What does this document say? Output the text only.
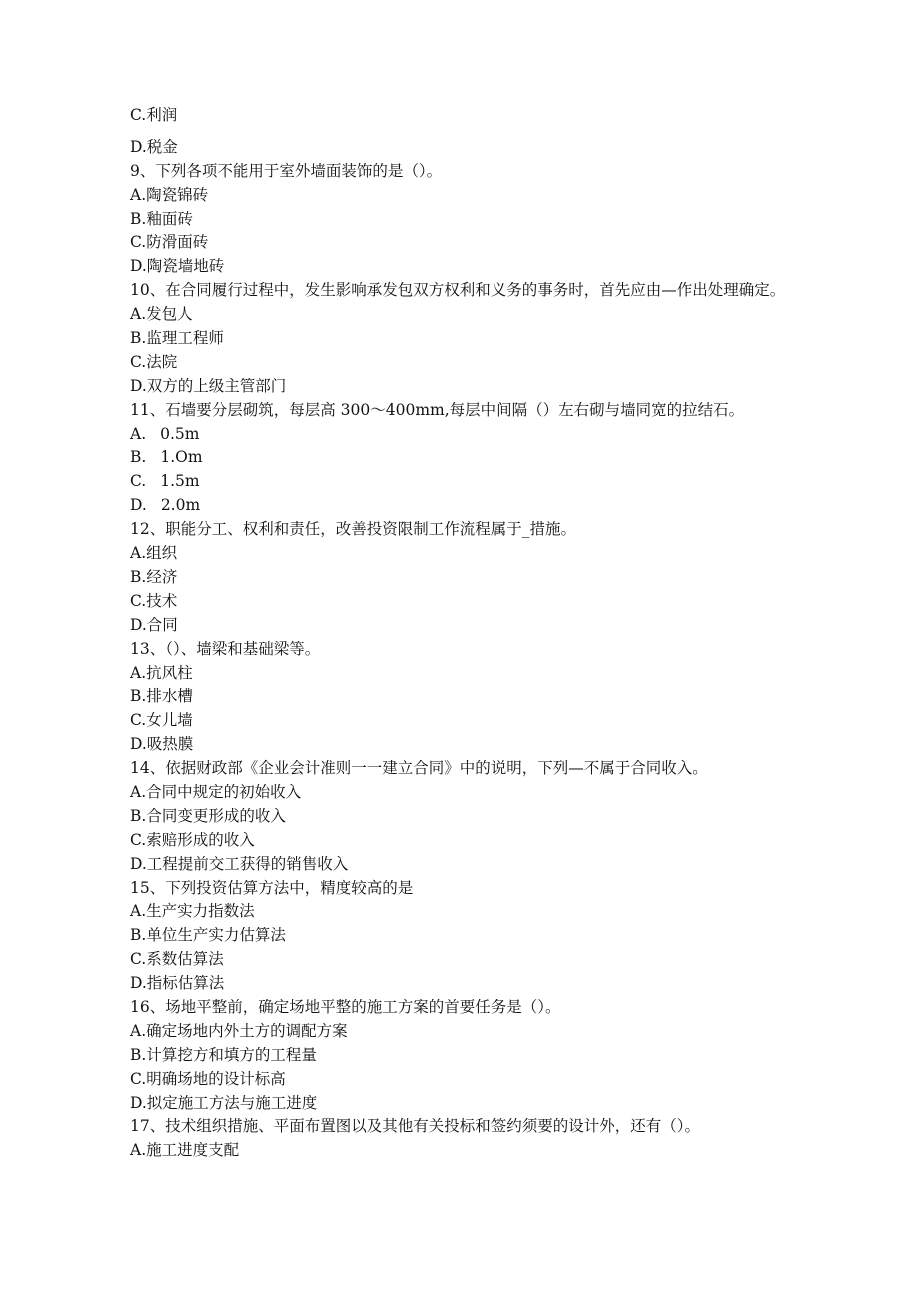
C.利润
D.税金
9、下列各项不能用于室外墙面装饰的是（）。
A.陶瓷锦砖
B.釉面砖
C.防滑面砖
D.陶瓷墙地砖
10、在合同履行过程中，发生影响承发包双方权利和义务的事务时，首先应由—作出处理确定。
A.发包人
B.监理工程师
C.法院
D.双方的上级主管部门
11、石墙要分层砌筑，每层高 300～400mm,每层中间隔（）左右砌与墙同宽的拉结石。
A. 0.5m
B. 1.Om
C. 1.5m
D. 2.0m
12、职能分工、权利和责任，改善投资限制工作流程属于_措施。
A.组织
B.经济
C.技术
D.合同
13、（）、墙梁和基础梁等。
A.抗风柱
B.排水槽
C.女儿墙
D.吸热膜
14、依据财政部《企业会计准则一一建立合同》中的说明，下列—不属于合同收入。
A.合同中规定的初始收入
B.合同变更形成的收入
C.索赔形成的收入
D.工程提前交工获得的销售收入
15、下列投资估算方法中，精度较高的是
A.生产实力指数法
B.单位生产实力估算法
C.系数估算法
D.指标估算法
16、场地平整前，确定场地平整的施工方案的首要任务是（）。
A.确定场地内外土方的调配方案
B.计算挖方和填方的工程量
C.明确场地的设计标高
D.拟定施工方法与施工进度
17、技术组织措施、平面布置图以及其他有关投标和签约须要的设计外，还有（）。
A.施工进度支配
